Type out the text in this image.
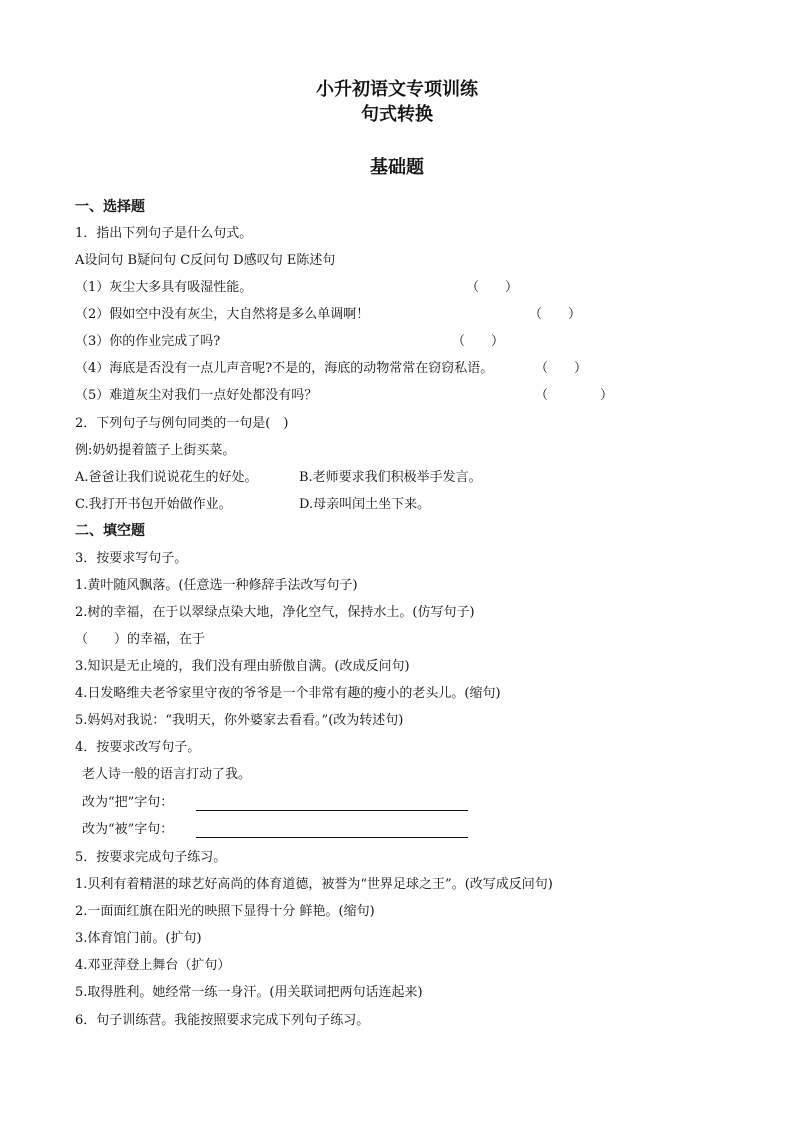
小升初语文专项训练
句式转换
基础题
一、选择题
1．指出下列句子是什么句式。
A设问句 B疑问句 C反问句 D感叹句 E陈述句
（1）灰尘大多具有吸湿性能。	（　　）
（2）假如空中没有灰尘，大自然将是多么单调啊！	（　　）
（3）你的作业完成了吗?	（　　）
（4）海底是否没有一点儿声音呢?不是的，海底的动物常常在窃窃私语。	（　　）
（5）难道灰尘对我们一点好处都没有吗？	（　　　　）
2．下列句子与例句同类的一句是(　)
例:奶奶提着篮子上街买菜。
A.爸爸让我们说说花生的好处。	B.老师要求我们积极举手发言。
C.我打开书包开始做作业。	D.母亲叫闰土坐下来。
二、填空题
3．按要求写句子。
1.黄叶随风飘落。(任意选一种修辞手法改写句子)
2.树的幸福，在于以翠绿点染大地，净化空气，保持水土。(仿写句子)
（　　）的幸福，在于
3.知识是无止境的，我们没有理由骄傲自满。(改成反问句)
4.日发略维夫老爷家里守夜的爷爷是一个非常有趣的瘦小的老头儿。(缩句)
5.妈妈对我说：“我明天，你外婆家去看看。”(改为转述句)
4．按要求改写句子。
老人诗一般的语言打动了我。
改为“把”字句：
改为“被”字句：
5．按要求完成句子练习。
1.贝利有着精湛的球艺好高尚的体育道德，被誉为“世界足球之王”。(改写成反问句)
2.一面面红旗在阳光的映照下显得十分 鲜艳。(缩句)
3.体育馆门前。(扩句)
4.邓亚萍登上舞台（扩句）
5.取得胜利。她经常一练一身汗。(用关联词把两句话连起来)
6．句子训练营。我能按照要求完成下列句子练习。
